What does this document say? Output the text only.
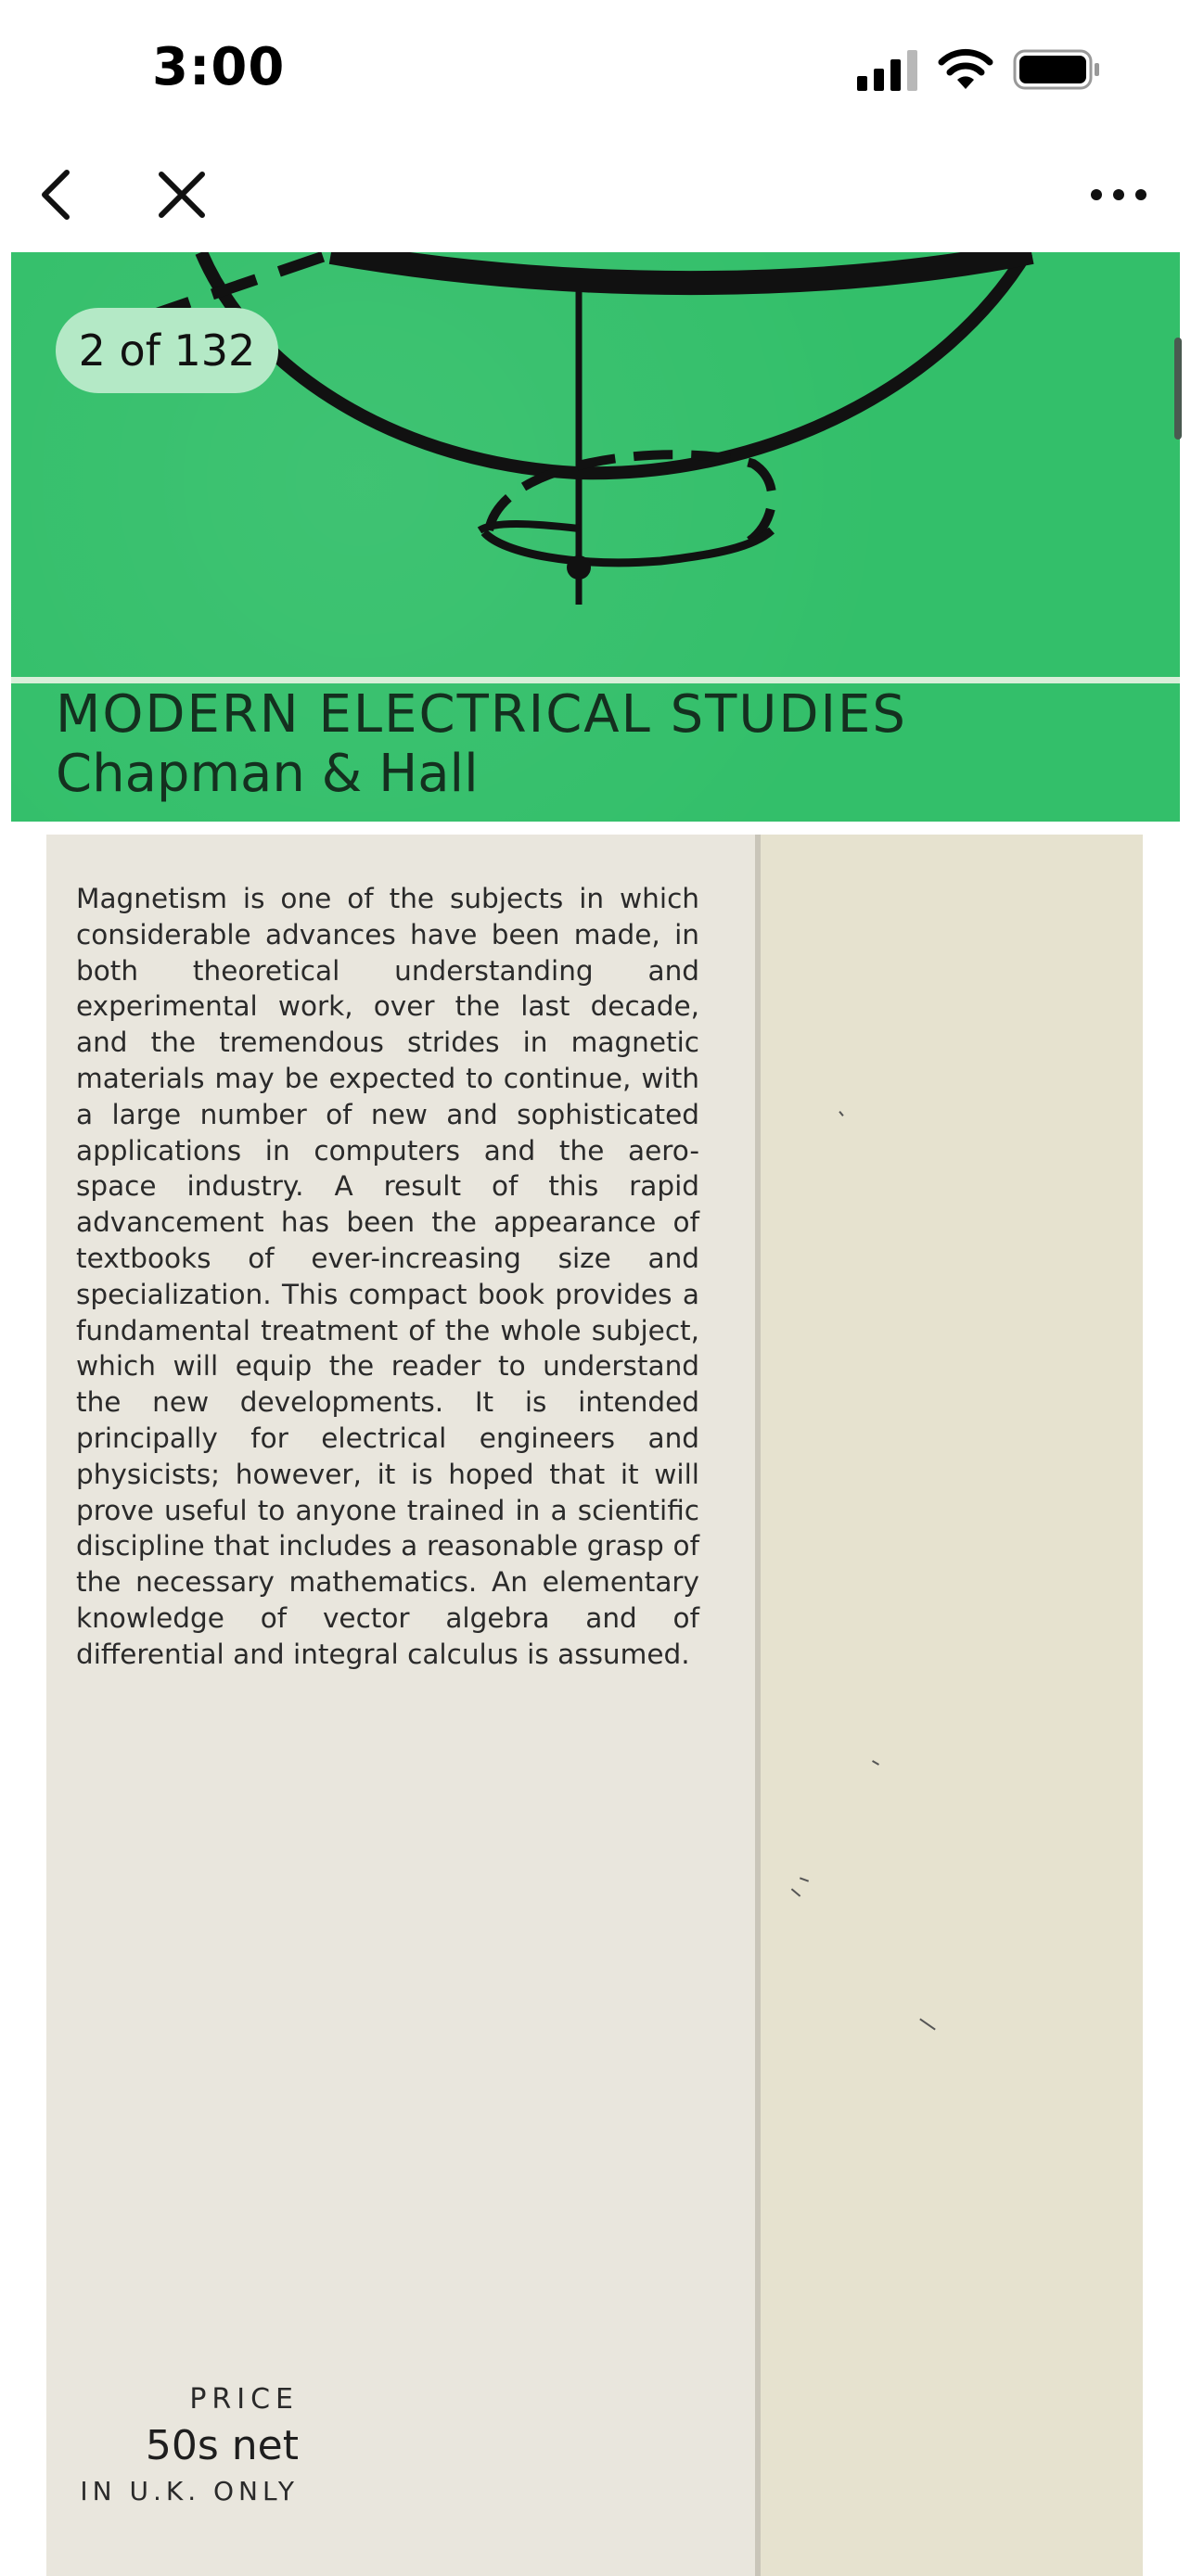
3:00
MODERN ELECTRICAL STUDIES
Chapman & Hall
2 of 132
Magnetism is one of the subjects in which considerable advances have been made, in both theoretical understanding and experimental work, over the last decade, and the tremendous strides in magnetic materials may be expected to continue, with a large number of new and sophisticated applications in computers and the aero-space industry. A result of this rapid advancement has been the appearance of textbooks of ever-increasing size and specialization. This compact book provides a fundamental treatment of the whole subject, which will equip the reader to understand the new developments. It is intended principally for electrical engineers and physicists; however, it is hoped that it will prove useful to anyone trained in a scientific discipline that includes a reasonable grasp of the necessary mathematics. An elementary knowledge of vector algebra and of differential and integral calculus is assumed.
PRICE
50s net
IN U.K. ONLY
